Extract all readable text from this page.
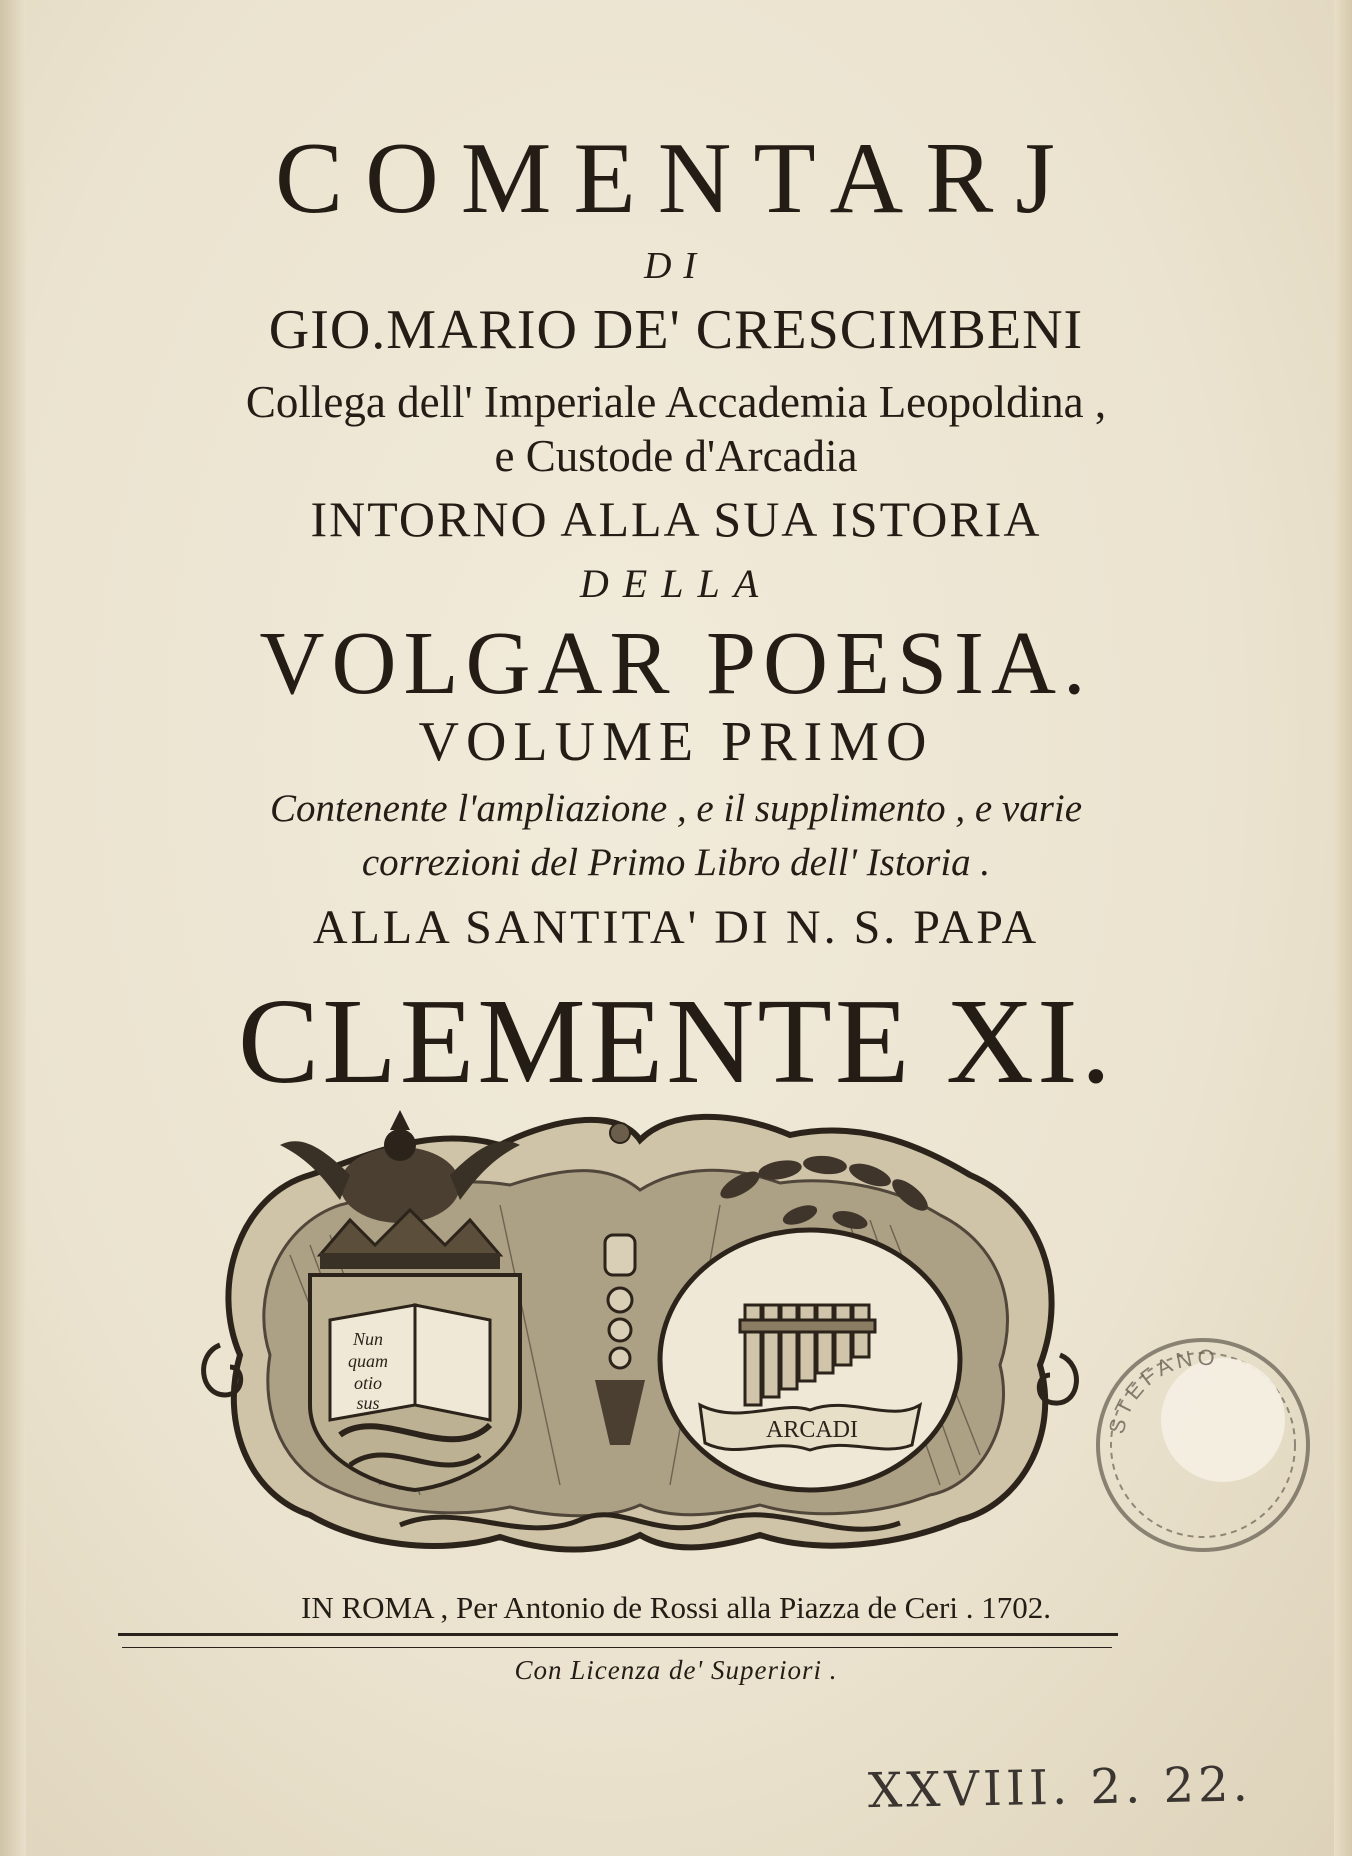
COMENTARJ
DI
GIO.MARIO DE' CRESCIMBENI
Collega dell' Imperiale Accademia Leopoldina ,
e Custode d'Arcadia
INTORNO ALLA SUA ISTORIA
DELLA
VOLGAR POESIA.
VOLUME PRIMO
Contenente l'ampliazione , e il supplimento , e varie
correzioni del Primo Libro dell' Istoria .
ALLA SANTITA' DI N. S. PAPA
CLEMENTE XI.
Nun
quam
otio
sus
ARCADI
IN ROMA , Per Antonio de Rossi alla Piazza de Ceri . 1702.
Con Licenza de' Superiori .
STEFANO
XXVIII. 2. 22.
